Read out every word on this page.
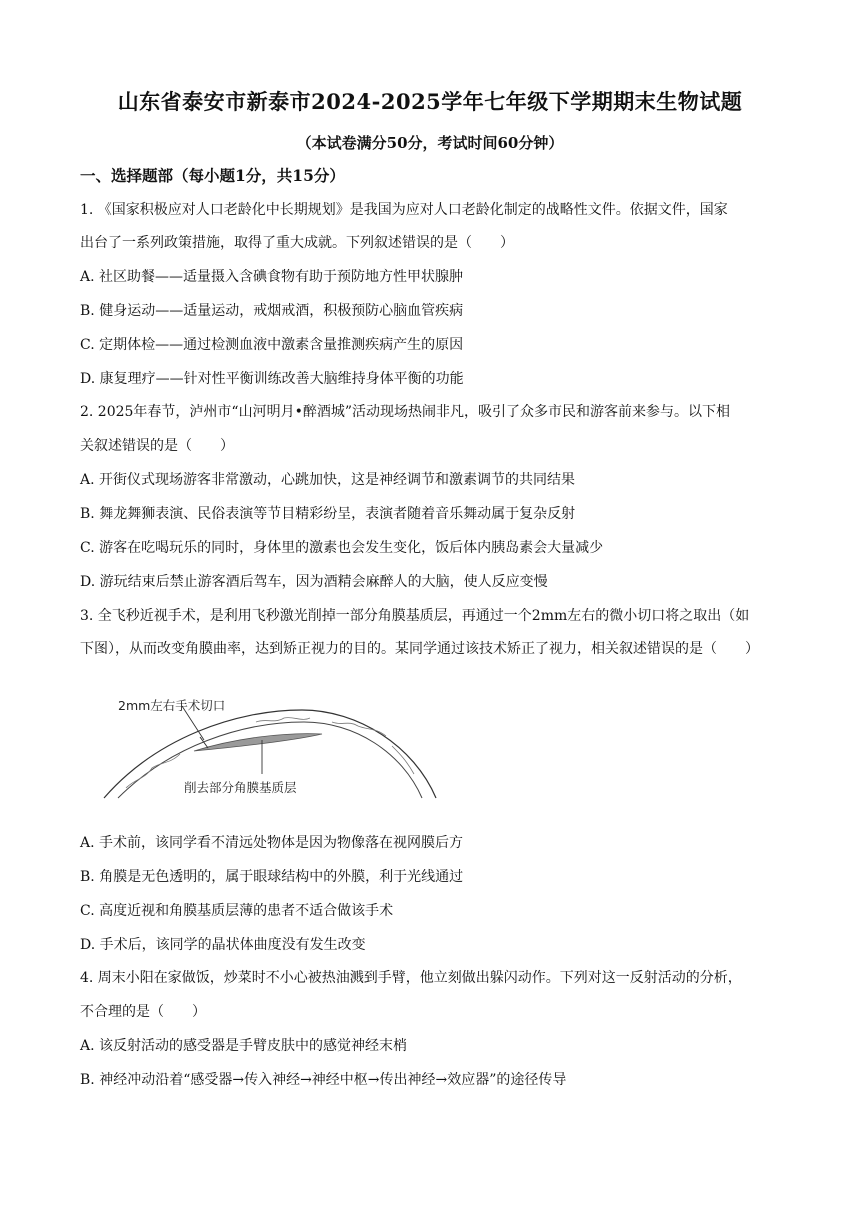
山东省泰安市新泰市2024-2025学年七年级下学期期末生物试题
（本试卷满分50分，考试时间60分钟）
一、选择题部（每小题1分，共15分）
1. 《国家积极应对人口老龄化中长期规划》是我国为应对人口老龄化制定的战略性文件。依据文件，国家
出台了一系列政策措施，取得了重大成就。下列叙述错误的是（　　）
A. 社区助餐——适量摄入含碘食物有助于预防地方性甲状腺肿
B. 健身运动——适量运动，戒烟戒酒，积极预防心脑血管疾病
C. 定期体检——通过检测血液中激素含量推测疾病产生的原因
D. 康复理疗——针对性平衡训练改善大脑维持身体平衡的功能
2. 2025年春节，泸州市“山河明月•醉酒城”活动现场热闹非凡，吸引了众多市民和游客前来参与。以下相
关叙述错误的是（　　）
A. 开街仪式现场游客非常激动，心跳加快，这是神经调节和激素调节的共同结果
B. 舞龙舞狮表演、民俗表演等节目精彩纷呈，表演者随着音乐舞动属于复杂反射
C. 游客在吃喝玩乐的同时，身体里的激素也会发生变化，饭后体内胰岛素会大量减少
D. 游玩结束后禁止游客酒后驾车，因为酒精会麻醉人的大脑，使人反应变慢
3. 全飞秒近视手术，是利用飞秒激光削掉一部分角膜基质层，再通过一个2mm左右的微小切口将之取出（如
下图），从而改变角膜曲率，达到矫正视力的目的。某同学通过该技术矫正了视力，相关叙述错误的是（　　）
2mm左右手术切口
削去部分角膜基质层
A. 手术前，该同学看不清远处物体是因为物像落在视网膜后方
B. 角膜是无色透明的，属于眼球结构中的外膜，利于光线通过
C. 高度近视和角膜基质层薄的患者不适合做该手术
D. 手术后，该同学的晶状体曲度没有发生改变
4. 周末小阳在家做饭，炒菜时不小心被热油溅到手臂，他立刻做出躲闪动作。下列对这一反射活动的分析，
不合理的是（　　）
A. 该反射活动的感受器是手臂皮肤中的感觉神经末梢
B. 神经冲动沿着“感受器→传入神经→神经中枢→传出神经→效应器”的途径传导
